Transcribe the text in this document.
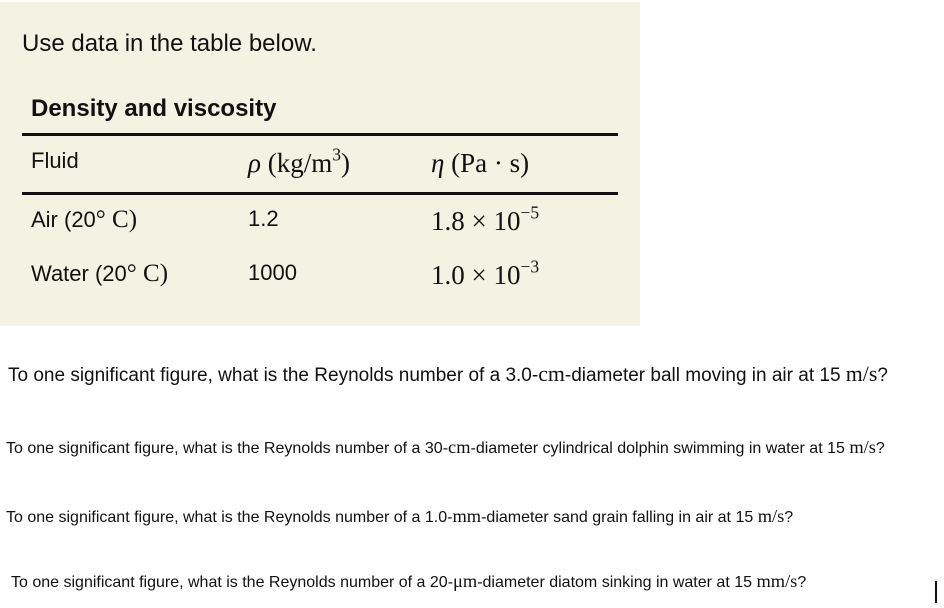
Use data in the table below.
Density and viscosity
Fluid	ρ $(kg/m^3)$	η (Pa · s)
Air (20° C)	1.2	$1.8 \times 10^{-5}$
Water (20° C)	1000	$1.0 \times 10^{-3}$
To one significant figure, what is the Reynolds number of a 3.0-cm-diameter ball moving in air at 15 m/s?
To one significant figure, what is the Reynolds number of a 30-cm-diameter cylindrical dolphin swimming in water at 15 m/s?
To one significant figure, what is the Reynolds number of a 1.0-mm-diameter sand grain falling in air at 15 m/s?
To one significant figure, what is the Reynolds number of a 20-μm-diameter diatom sinking in water at 15 mm/s?
